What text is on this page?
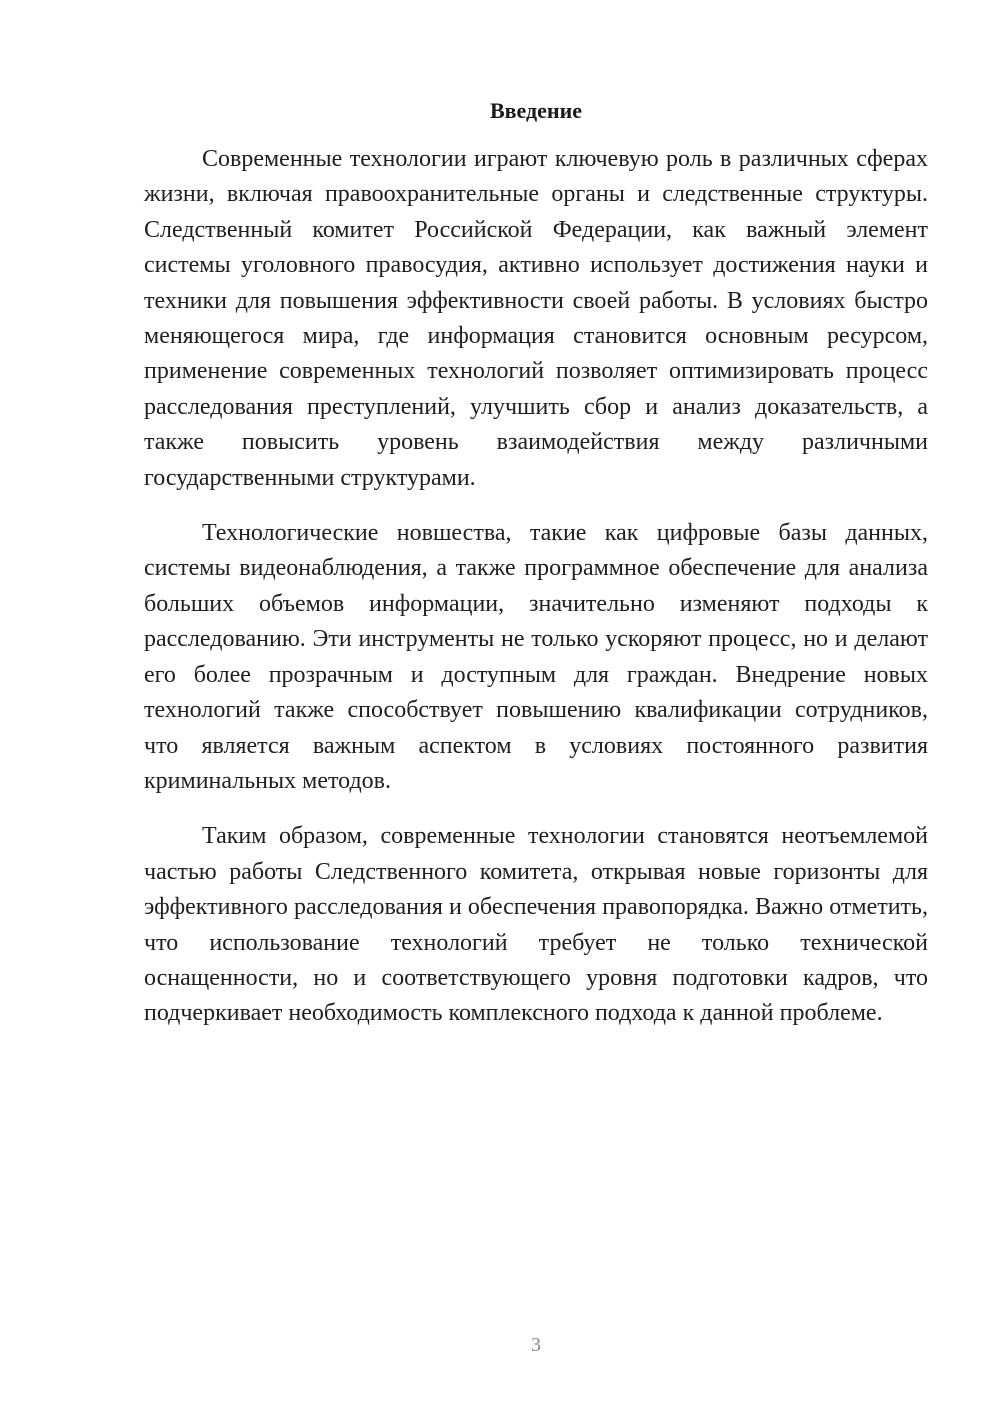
Введение

Современные технологии играют ключевую роль в различных сферах жизни, включая правоохранительные органы и следственные структуры. Следственный комитет Российской Федерации, как важный элемент системы уголовного правосудия, активно использует достижения науки и техники для повышения эффективности своей работы. В условиях быстро меняющегося мира, где информация становится основным ресурсом, применение современных технологий позволяет оптимизировать процесс расследования преступлений, улучшить сбор и анализ доказательств, а также повысить уровень взаимодействия между различными государственными структурами.

Технологические новшества, такие как цифровые базы данных, системы видеонаблюдения, а также программное обеспечение для анализа больших объемов информации, значительно изменяют подходы к расследованию. Эти инструменты не только ускоряют процесс, но и делают его более прозрачным и доступным для граждан. Внедрение новых технологий также способствует повышению квалификации сотрудников, что является важным аспектом в условиях постоянного развития криминальных методов.

Таким образом, современные технологии становятся неотъемлемой частью работы Следственного комитета, открывая новые горизонты для эффективного расследования и обеспечения правопорядка. Важно отметить, что использование технологий требует не только технической оснащенности, но и соответствующего уровня подготовки кадров, что подчеркивает необходимость комплексного подхода к данной проблеме.

3
